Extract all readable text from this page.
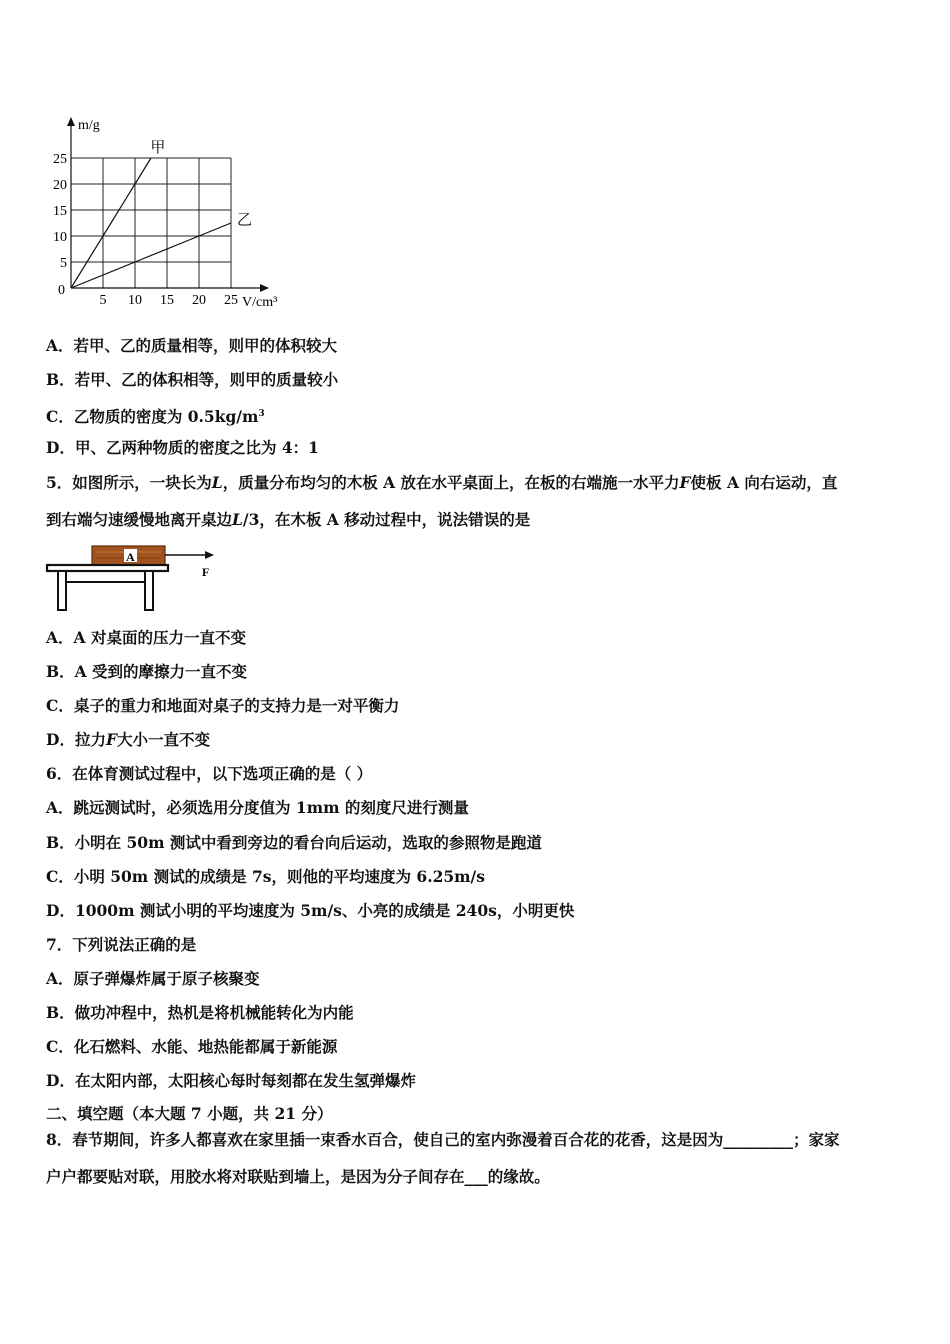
m/g
V/cm³
0
5 10 15 20 25
5
10
15
20
25
甲
乙
A．若甲、乙的质量相等，则甲的体积较大
B．若甲、乙的体积相等，则甲的质量较小
C．乙物质的密度为 $0.5kg/m^3$
D．甲、乙两种物质的密度之比为 4：1
5．如图所示，一块长为L，质量分布均匀的木板 A 放在水平桌面上，在板的右端施一水平力F使板 A 向右运动，直
到右端匀速缓慢地离开桌边L/3，在木板 A 移动过程中，说法错误的是
A
F
A．A 对桌面的压力一直不变
B．A 受到的摩擦力一直不变
C．桌子的重力和地面对桌子的支持力是一对平衡力
D．拉力F大小一直不变
6．在体育测试过程中，以下选项正确的是（ ）
A．跳远测试时，必须选用分度值为 1mm 的刻度尺进行测量
B．小明在 50m 测试中看到旁边的看台向后运动，选取的参照物是跑道
C．小明 50m 测试的成绩是 7s，则他的平均速度为 6.25m/s
D．1000m 测试小明的平均速度为 5m/s、小亮的成绩是 240s，小明更快
7．下列说法正确的是
A．原子弹爆炸属于原子核聚变
B．做功冲程中，热机是将机械能转化为内能
C．化石燃料、水能、地热能都属于新能源
D．在太阳内部，太阳核心每时每刻都在发生氢弹爆炸
二、填空题（本大题 7 小题，共 21 分）
8．春节期间，许多人都喜欢在家里插一束香水百合，使自己的室内弥漫着百合花的花香，这是因为_________；家家
户户都要贴对联，用胶水将对联贴到墙上，是因为分子间存在___的缘故。
